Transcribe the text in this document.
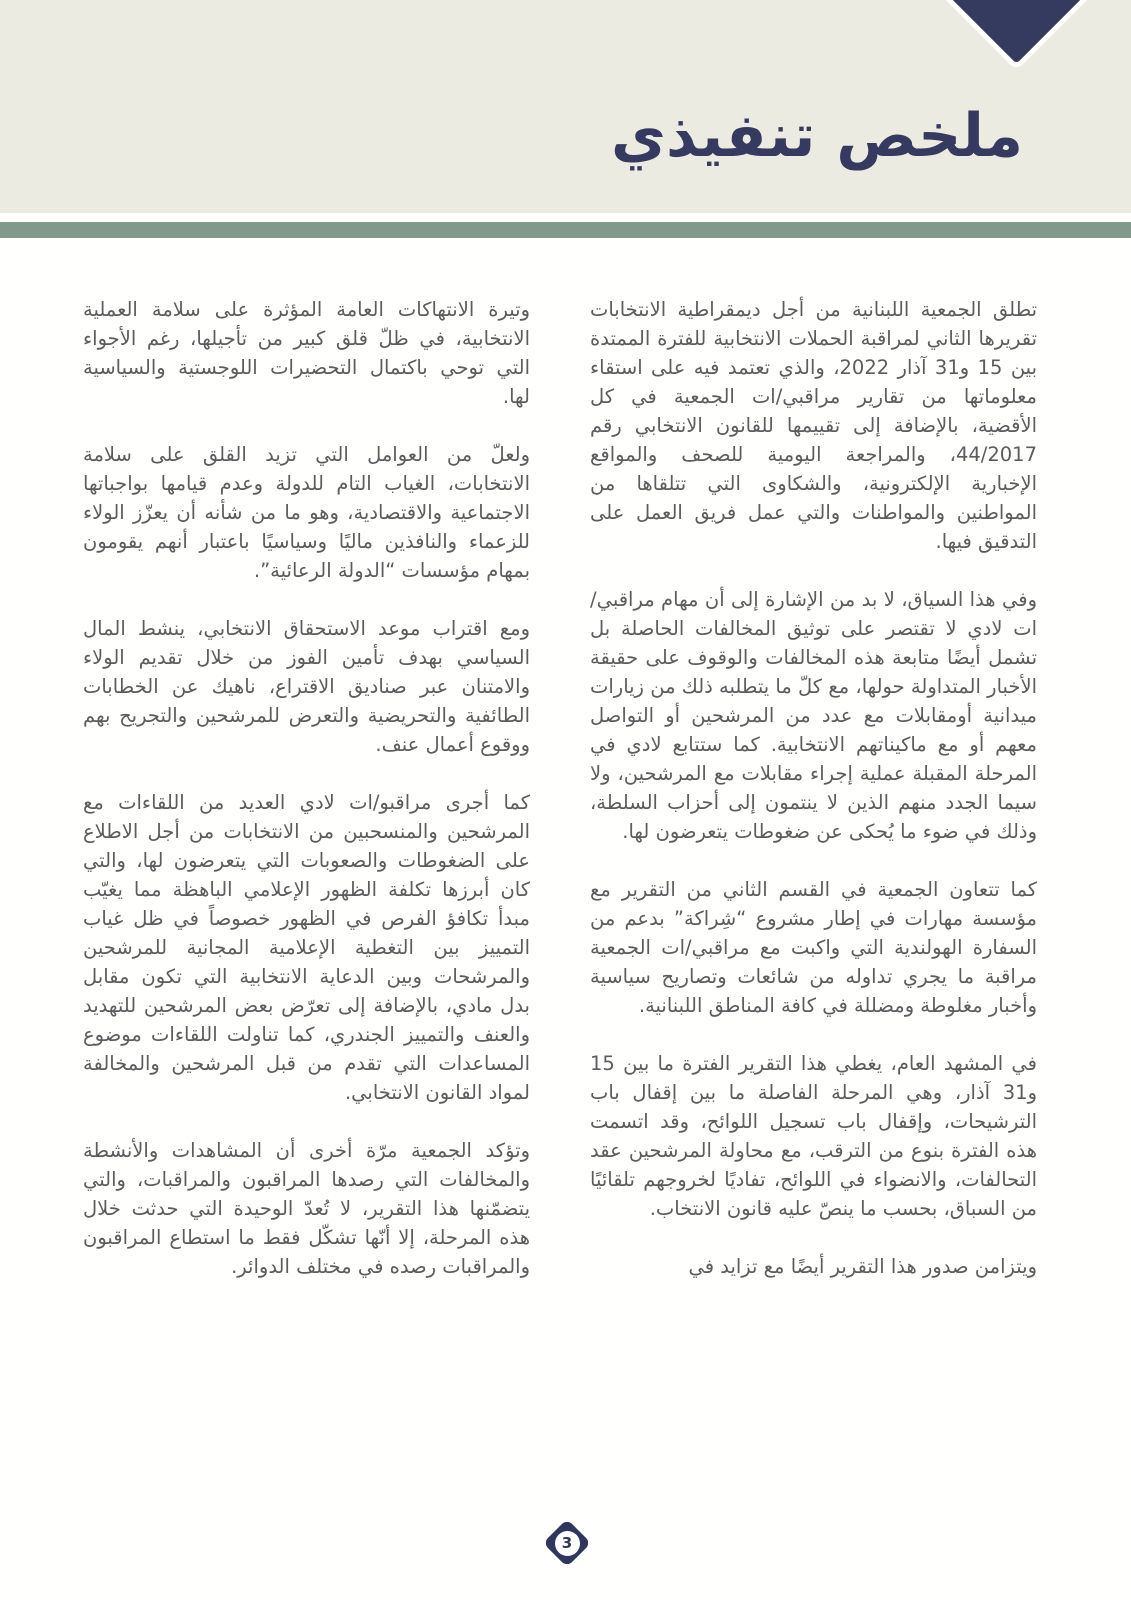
ملخص تنفيذي

تطلق الجمعية اللبنانية من أجل ديمقراطية الانتخابات تقريرها الثاني لمراقبة الحملات الانتخابية للفترة الممتدة بين 15 و31 آذار 2022، والذي تعتمد فيه على استقاء معلوماتها من تقارير مراقبي/ات الجمعية في كل الأقضية، بالإضافة إلى تقييمها للقانون الانتخابي رقم 44/2017، والمراجعة اليومية للصحف والمواقع الإخبارية الإلكترونية، والشكاوى التي تتلقاها من المواطنين والمواطنات والتي عمل فريق العمل على التدقيق فيها.

وفي هذا السياق، لا بد من الإشارة إلى أن مهام مراقبي/ات لادي لا تقتصر على توثيق المخالفات الحاصلة بل تشمل أيضًا متابعة هذه المخالفات والوقوف على حقيقة الأخبار المتداولة حولها، مع كلّ ما يتطلبه ذلك من زيارات ميدانية أومقابلات مع عدد من المرشحين أو التواصل معهم أو مع ماكيناتهم الانتخابية. كما ستتابع لادي في المرحلة المقبلة عملية إجراء مقابلات مع المرشحين، ولا سيما الجدد منهم الذين لا ينتمون إلى أحزاب السلطة، وذلك في ضوء ما يُحكى عن ضغوطات يتعرضون لها.

كما تتعاون الجمعية في القسم الثاني من التقرير مع مؤسسة مهارات في إطار مشروع “شِراكة” بدعم من السفارة الهولندية التي واكبت مع مراقبي/ات الجمعية مراقبة ما يجري تداوله من شائعات وتصاريح سياسية وأخبار مغلوطة ومضللة في كافة المناطق اللبنانية.

في المشهد العام، يغطي هذا التقرير الفترة ما بين 15 و31 آذار، وهي المرحلة الفاصلة ما بين إقفال باب الترشيحات، وإقفال باب تسجيل اللوائح، وقد اتسمت هذه الفترة بنوع من الترقب، مع محاولة المرشحين عقد التحالفات، والانضواء في اللوائح، تفاديًا لخروجهم تلقائيًا من السباق، بحسب ما ينصّ عليه قانون الانتخاب.

ويتزامن صدور هذا التقرير أيضًا مع تزايد في

وتيرة الانتهاكات العامة المؤثرة على سلامة العملية الانتخابية، في ظلّ قلق كبير من تأجيلها، رغم الأجواء التي توحي باكتمال التحضيرات اللوجستية والسياسية لها.

ولعلّ من العوامل التي تزيد القلق على سلامة الانتخابات، الغياب التام للدولة وعدم قيامها بواجباتها الاجتماعية والاقتصادية، وهو ما من شأنه أن يعزّز الولاء للزعماء والنافذين ماليًا وسياسيًا باعتبار أنهم يقومون بمهام مؤسسات “الدولة الرعائية”.

ومع اقتراب موعد الاستحقاق الانتخابي، ينشط المال السياسي بهدف تأمين الفوز من خلال تقديم الولاء والامتنان عبر صناديق الاقتراع، ناهيك عن الخطابات الطائفية والتحريضية والتعرض للمرشحين والتجريح بهم ووقوع أعمال عنف.

كما أجرى مراقبو/ات لادي العديد من اللقاءات مع المرشحين والمنسحبين من الانتخابات من أجل الاطلاع على الضغوطات والصعوبات التي يتعرضون لها، والتي كان أبرزها تكلفة الظهور الإعلامي الباهظة مما يغيّب مبدأ تكافؤ الفرص في الظهور خصوصاً في ظل غياب التمييز بين التغطية الإعلامية المجانية للمرشحين والمرشحات وبين الدعاية الانتخابية التي تكون مقابل بدل مادي، بالإضافة إلى تعرّض بعض المرشحين للتهديد والعنف والتمييز الجندري، كما تناولت اللقاءات موضوع المساعدات التي تقدم من قبل المرشحين والمخالفة لمواد القانون الانتخابي.

وتؤكد الجمعية مرّة أخرى أن المشاهدات والأنشطة والمخالفات التي رصدها المراقبون والمراقبات، والتي يتضمّنها هذا التقرير، لا تُعدّ الوحيدة التي حدثت خلال هذه المرحلة، إلا أنّها تشكّل فقط ما استطاع المراقبون والمراقبات رصده في مختلف الدوائر.

3
